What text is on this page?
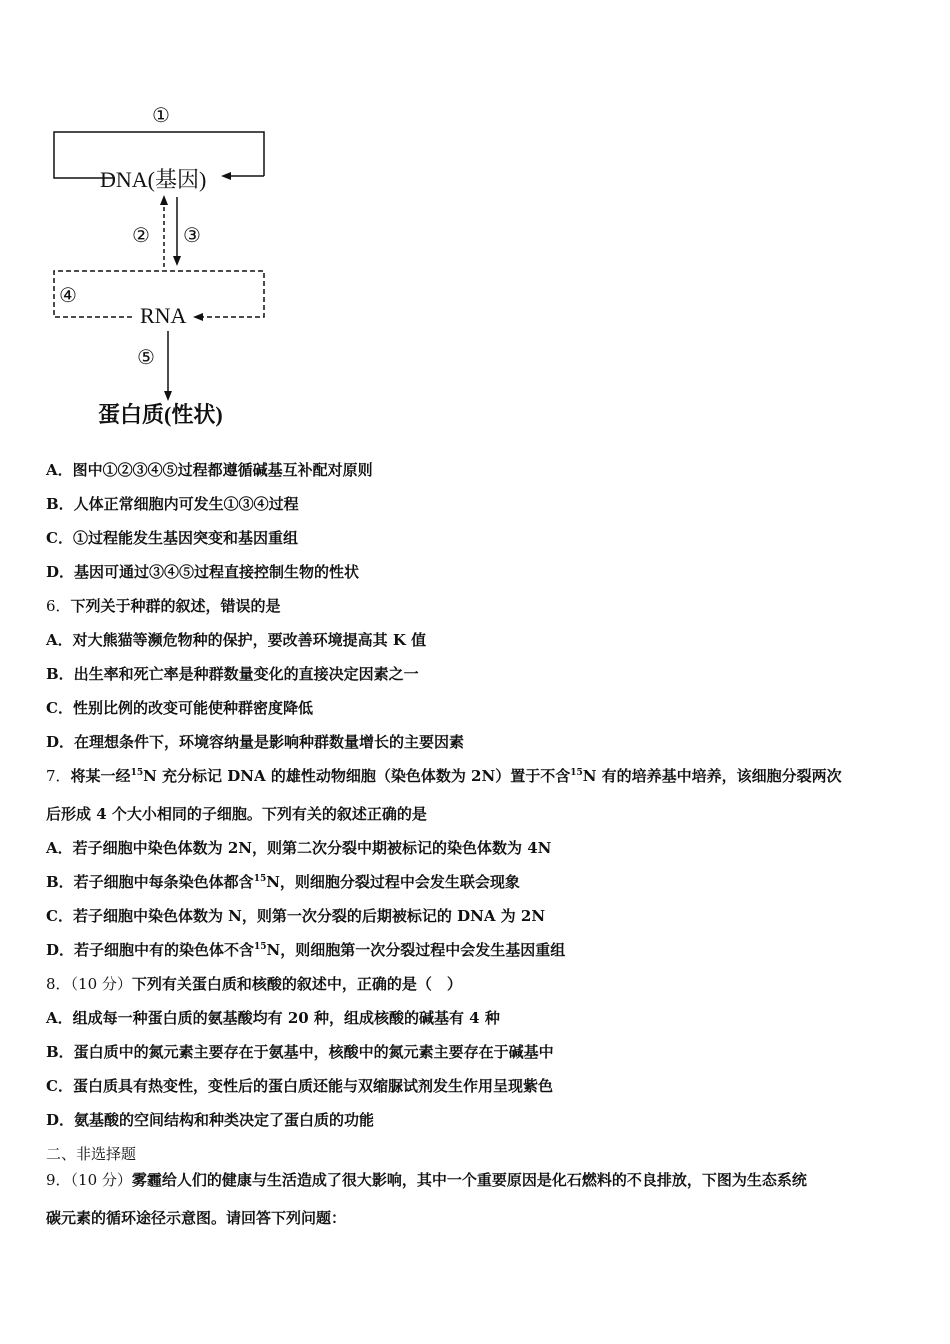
①
DNA(基因)
② ③
④
RNA
⑤
蛋白质(性状)
A．图中①②③④⑤过程都遵循碱基互补配对原则
B．人体正常细胞内可发生①③④过程
C．①过程能发生基因突变和基因重组
D．基因可通过③④⑤过程直接控制生物的性状
6．下列关于种群的叙述，错误的是
A．对大熊猫等濒危物种的保护，要改善环境提高其 K 值
B．出生率和死亡率是种群数量变化的直接决定因素之一
C．性别比例的改变可能使种群密度降低
D．在理想条件下，环境容纳量是影响种群数量增长的主要因素
7．将某一经$^{15}$N 充分标记 DNA 的雄性动物细胞（染色体数为 2N）置于不含$^{15}$N 有的培养基中培养，该细胞分裂两次
后形成 4 个大小相同的子细胞。下列有关的叙述正确的是
A．若子细胞中染色体数为 2N，则第二次分裂中期被标记的染色体数为 4N
B．若子细胞中每条染色体都含$^{15}$N，则细胞分裂过程中会发生联会现象
C．若子细胞中染色体数为 N，则第一次分裂的后期被标记的 DNA 为 2N
D．若子细胞中有的染色体不含$^{15}$N，则细胞第一次分裂过程中会发生基因重组
8．（10 分）下列有关蛋白质和核酸的叙述中，正确的是（　）
A．组成每一种蛋白质的氨基酸均有 20 种，组成核酸的碱基有 4 种
B．蛋白质中的氮元素主要存在于氨基中，核酸中的氮元素主要存在于碱基中
C．蛋白质具有热变性，变性后的蛋白质还能与双缩脲试剂发生作用呈现紫色
D．氨基酸的空间结构和种类决定了蛋白质的功能
二、非选择题
9．（10 分）雾霾给人们的健康与生活造成了很大影响，其中一个重要原因是化石燃料的不良排放，下图为生态系统
碳元素的循环途径示意图。请回答下列问题：
